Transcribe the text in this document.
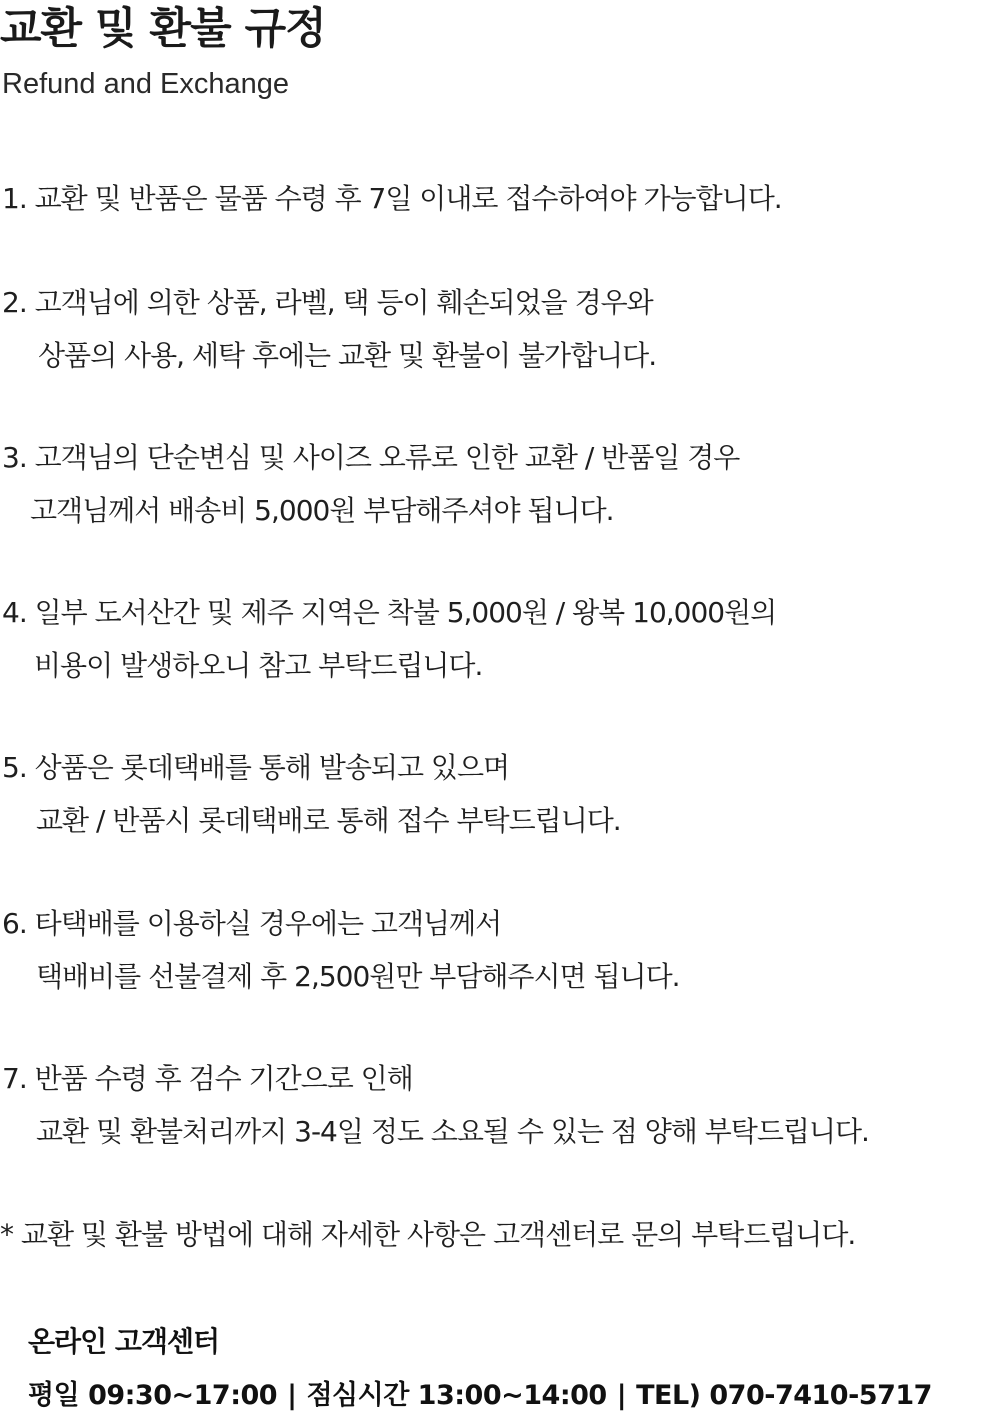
교환 및 환불 규정
Refund and Exchange
1. 교환 및 반품은 물품 수령 후 7일 이내로 접수하여야 가능합니다.
2. 고객님에 의한 상품, 라벨, 택 등이 훼손되었을 경우와
상품의 사용, 세탁 후에는 교환 및 환불이 불가합니다.
3. 고객님의 단순변심 및 사이즈 오류로 인한 교환 / 반품일 경우
고객님께서 배송비 5,000원 부담해주셔야 됩니다.
4. 일부 도서산간 및 제주 지역은 착불 5,000원 / 왕복 10,000원의
비용이 발생하오니 참고 부탁드립니다.
5. 상품은 롯데택배를 통해 발송되고 있으며
교환 / 반품시 롯데택배로 통해 접수 부탁드립니다.
6. 타택배를 이용하실 경우에는 고객님께서
택배비를 선불결제 후 2,500원만 부담해주시면 됩니다.
7. 반품 수령 후 검수 기간으로 인해
교환 및 환불처리까지 3-4일 정도 소요될 수 있는 점 양해 부탁드립니다.
* 교환 및 환불 방법에 대해 자세한 사항은 고객센터로 문의 부탁드립니다.
온라인 고객센터
평일 09:30~17:00 | 점심시간 13:00~14:00 | TEL) 070-7410-5717
